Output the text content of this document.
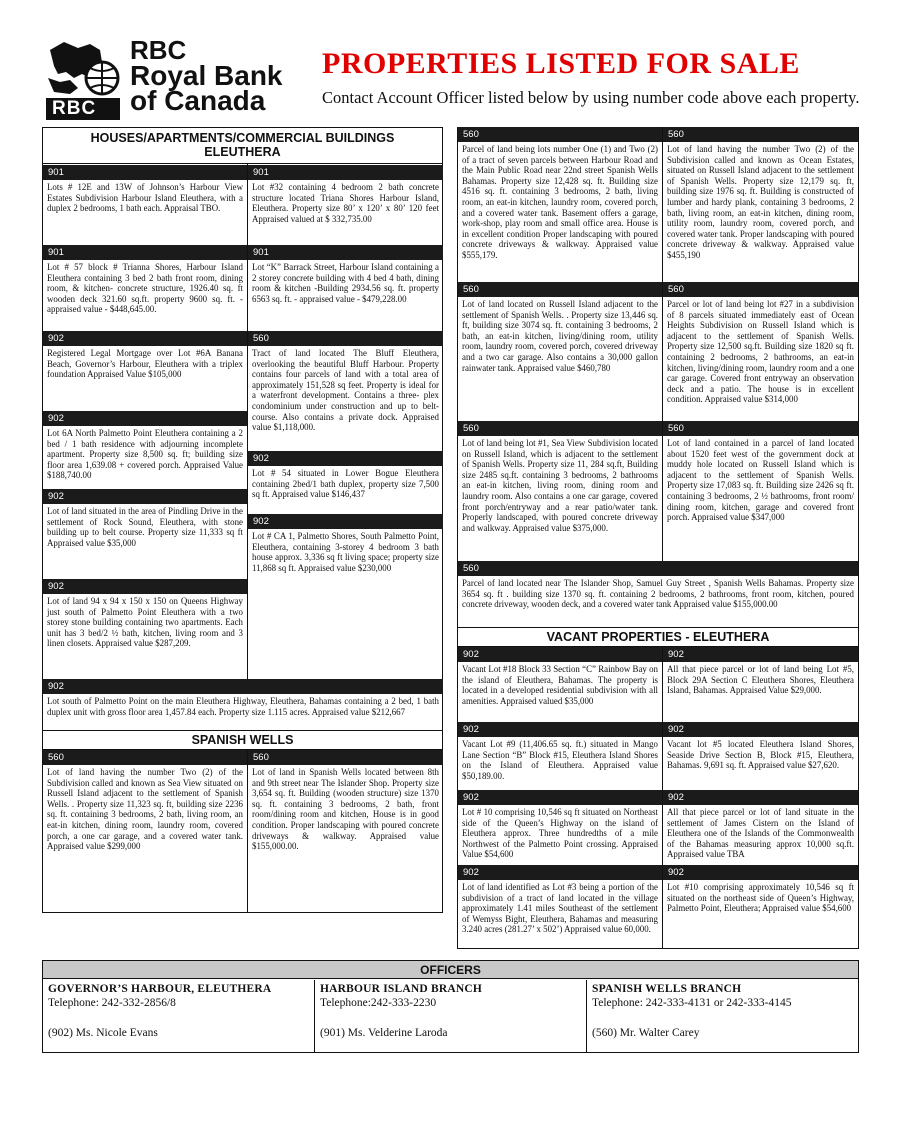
RBC
RBC
Royal Bank
of Canada
PROPERTIES LISTED FOR SALE
Contact Account Officer listed below by using number code above each property.
HOUSES/APARTMENTS/COMMERCIAL BUILDINGS
ELEUTHERA
901
Lots # 12E and 13W of Johnson’s Harbour View Estates Subdivision Harbour Island Eleuthera, with a duplex 2 bedrooms, 1 bath each. Appraisal TBO.
901
Lot #32 containing 4 bedroom 2 bath concrete structure located Triana Shores Harbour Island, Eleuthera. Property size 80’ x 120’ x 80’ 120 feet Appraised valued at $ 332,735.00
901
Lot # 57 block # Trianna Shores, Harbour Island Eleuthera containing 3 bed 2 bath front room, dining room, & kitchen- concrete structure, 1926.40 sq. ft wooden deck 321.60 sq.ft. property 9600 sq. ft. - appraised value - $448,645.00.
901
Lot “K” Barrack Street, Harbour Island containing a 2 storey concrete building with 4 bed 4 bath, dining room & kitchen -Building 2934.56 sq. ft. property 6563 sq. ft. - appraised value - $479,228.00
902
Registered Legal Mortgage over Lot #6A Banana Beach, Governor’s Harbour, Eleuthera with a triplex foundation Appraised Value $105,000
560
Tract of land located The Bluff Eleuthera, overlooking the beautiful Bluff Harbour. Property contains four parcels of land with a total area of approximately 151,528 sq feet. Property is ideal for a waterfront development. Contains a three- plex condominium under construction and up to belt-course. Also contains a private dock. Appraised value $1,118,000.
902
Lot 6A North Palmetto Point Eleuthera containing a 2 bed / 1 bath residence with adjourning incomplete apartment. Property size 8,500 sq. ft; building size floor area 1,639.08 + covered porch. Appraised Value $188,740.00
902
Lot # 54 situated in Lower Bogue Eleuthera containing 2bed/1 bath duplex, property size 7,500 sq ft. Appraised value $146,437
902
Lot of land situated in the area of Pindling Drive in the settlement of Rock Sound, Eleuthera, with stone building up to belt course. Property size 11,333 sq ft Appraised value $35,000
902
Lot # CA 1, Palmetto Shores, South Palmetto Point, Eleuthera, containing 3-storey 4 bedroom 3 bath house approx. 3,336 sq ft living space; property size 11,868 sq ft. Appraised value $230,000
902
Lot of land 94 x 94 x 150 x 150 on Queens Highway just south of Palmetto Point Eleuthera with a two storey stone building containing two apartments. Each unit has 3 bed/2 ½ bath, kitchen, living room and 3 linen closets. Appraised value $287,209.
902
Lot south of Palmetto Point on the main Eleuthera Highway, Eleuthera, Bahamas containing a 2 bed, 1 bath duplex unit with gross floor area 1,457.84 each. Property size 1.115 acres. Appraised value $212,667
SPANISH WELLS
560
Lot of land having the number Two (2) of the Subdivision called and known as Sea View situated on Russell Island adjacent to the settlement of Spanish Wells. . Property size 11,323 sq. ft, building size 2236 sq. ft. containing 3 bedrooms, 2 bath, living room, an eat-in kitchen, dining room, laundry room, covered porch, a one car garage, and a covered water tank. Appraised value $299,000
560
Lot of land in Spanish Wells located between 8th and 9th street near The Islander Shop. Property size 3,654 sq. ft. Building (wooden structure) size 1370 sq. ft. containing 3 bedrooms, 2 bath, front room/dining room and kitchen, House is in good condition. Proper landscaping with poured concrete driveways & walkway. Appraised value $155,000.00.
560
Parcel of land being lots number One (1) and Two (2) of a tract of seven parcels between Harbour Road and the Main Public Road near 22nd street Spanish Wells Bahamas. Property size 12,428 sq. ft. Building size 4516 sq. ft. containing 3 bedrooms, 2 bath, living room, an eat-in kitchen, laundry room, covered porch, and a covered water tank. Basement offers a garage, work-shop, play room and small office area. House is in excellent condition Proper landscaping with poured concrete driveways & walkway. Appraised value $555,179.
560
Lot of land having the number Two (2) of the Subdivision called and known as Ocean Estates, situated on Russell Island adjacent to the settlement of Spanish Wells. Property size 12,179 sq. ft, building size 1976 sq. ft. Building is constructed of lumber and hardy plank, containing 3 bedrooms, 2 bath, living room, an eat-in kitchen, dining room, utility room, laundry room, covered porch, and covered water tank. Proper landscaping with poured concrete driveway & walkway. Appraised value $455,190
560
Lot of land located on Russell Island adjacent to the settlement of Spanish Wells. . Property size 13,446 sq. ft, building size 3074 sq. ft. containing 3 bedrooms, 2 bath, an eat-in kitchen, living/dining room, utility room, laundry room, covered porch, covered driveway and a two car garage. Also contains a 30,000 gallon rainwater tank. Appraised value $460,780
560
Parcel or lot of land being lot #27 in a subdivision of 8 parcels situated immediately east of Ocean Heights Subdivision on Russell Island which is adjacent to the settlement of Spanish Wells. Property size 12,500 sq.ft. Building size 1820 sq ft. containing 2 bedrooms, 2 bathrooms, an eat-in kitchen, living/dining room, laundry room and a one car garage. Covered front entryway an observation deck and a patio. The house is in excellent condition. Appraised value $314,000
560
Lot of land being lot #1, Sea View Subdivision located on Russell Island, which is adjacent to the settlement of Spanish Wells. Property size 11, 284 sq.ft, Building size 2485 sq.ft. containing 3 bedrooms, 2 bathrooms an eat-in kitchen, living room, dining room and laundry room. Also contains a one car garage, covered front porch/entryway and a rear patio/water tank. Properly landscaped, with poured concrete driveway and walkway. Appraised value $375,000.
560
Lot of land contained in a parcel of land located about 1520 feet west of the government dock at muddy hole located on Russell Island which is adjacent to the settlement of Spanish Wells. Property size 17,083 sq. ft. Building size 2426 sq ft. containing 3 bedrooms, 2 ½ bathrooms, front room/ dining room, kitchen, garage and covered front porch. Appraised value $347,000
560
Parcel of land located near The Islander Shop, Samuel Guy Street , Spanish Wells Bahamas. Property size 3654 sq. ft . building size 1370 sq. ft. containing 2 bedrooms, 2 bathrooms, front room, kitchen, poured concrete driveway, wooden deck, and a covered water tank Appraised value $155,000.00
VACANT PROPERTIES - ELEUTHERA
902
Vacant Lot #18 Block 33 Section “C” Rainbow Bay on the island of Eleuthera, Bahamas. The property is located in a developed residential subdivision with all amenities. Appraised valued $35,000
902
All that piece parcel or lot of land being Lot #5, Block 29A Section C Eleuthera Shores, Eleuthera Island, Bahamas. Appraised Value $29,000.
902
Vacant Lot #9 (11,406.65 sq. ft.) situated in Mango Lane Section “B” Block #15, Eleuthera Island Shores on the Island of Eleuthera. Appraised value $50,189.00.
902
Vacant lot #5 located Eleuthera Island Shores, Seaside Drive Section B, Block #15, Eleuthera, Bahamas. 9,691 sq. ft. Appraised value $27,620.
902
Lot # 10 comprising 10,546 sq ft situated on Northeast side of the Queen’s Highway on the island of Eleuthera approx. Three hundredths of a mile Northwest of the Palmetto Point crossing. Appraised Value $54,600
902
All that piece parcel or lot of land situate in the settlement of James Cistern on the Island of Eleuthera one of the Islands of the Commonwealth of the Bahamas measuring approx 10,000 sq.ft. Appraised value TBA
902
Lot of land identified as Lot #3 being a portion of the subdivision of a tract of land located in the village approximately 1.41 miles Southeast of the settlement of Wemyss Bight, Eleuthera, Bahamas and measuring 3.240 acres (281.27’ x 502’) Appraised value 60,000.
902
Lot #10 comprising approximately 10,546 sq ft situated on the northeast side of Queen’s Highway, Palmetto Point, Eleuthera; Appraised value $54,600
OFFICERS
GOVERNOR’S HARBOUR, ELEUTHERA
Telephone: 242-332-2856/8
(902) Ms. Nicole Evans
HARBOUR ISLAND BRANCH
Telephone:242-333-2230
(901) Ms. Velderine Laroda
SPANISH WELLS BRANCH
Telephone: 242-333-4131 or 242-333-4145
(560) Mr. Walter Carey
